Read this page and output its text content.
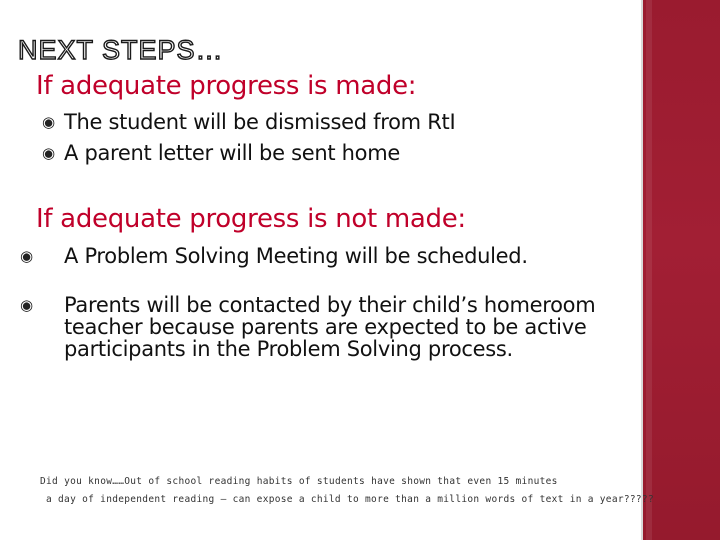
NEXT STEPS…
If adequate progress is made:
◉ The student will be dismissed from RtI
◉ A parent letter will be sent home
If adequate progress is not made:
◉ A Problem Solving Meeting will be scheduled.
◉ Parents will be contacted by their child’s homeroom teacher because parents are expected to be active participants in the Problem Solving process.
Did you know……Out of school reading habits of students have shown that even 15 minutes
a day of independent reading – can expose a child to more than a million words of text in a year?????
